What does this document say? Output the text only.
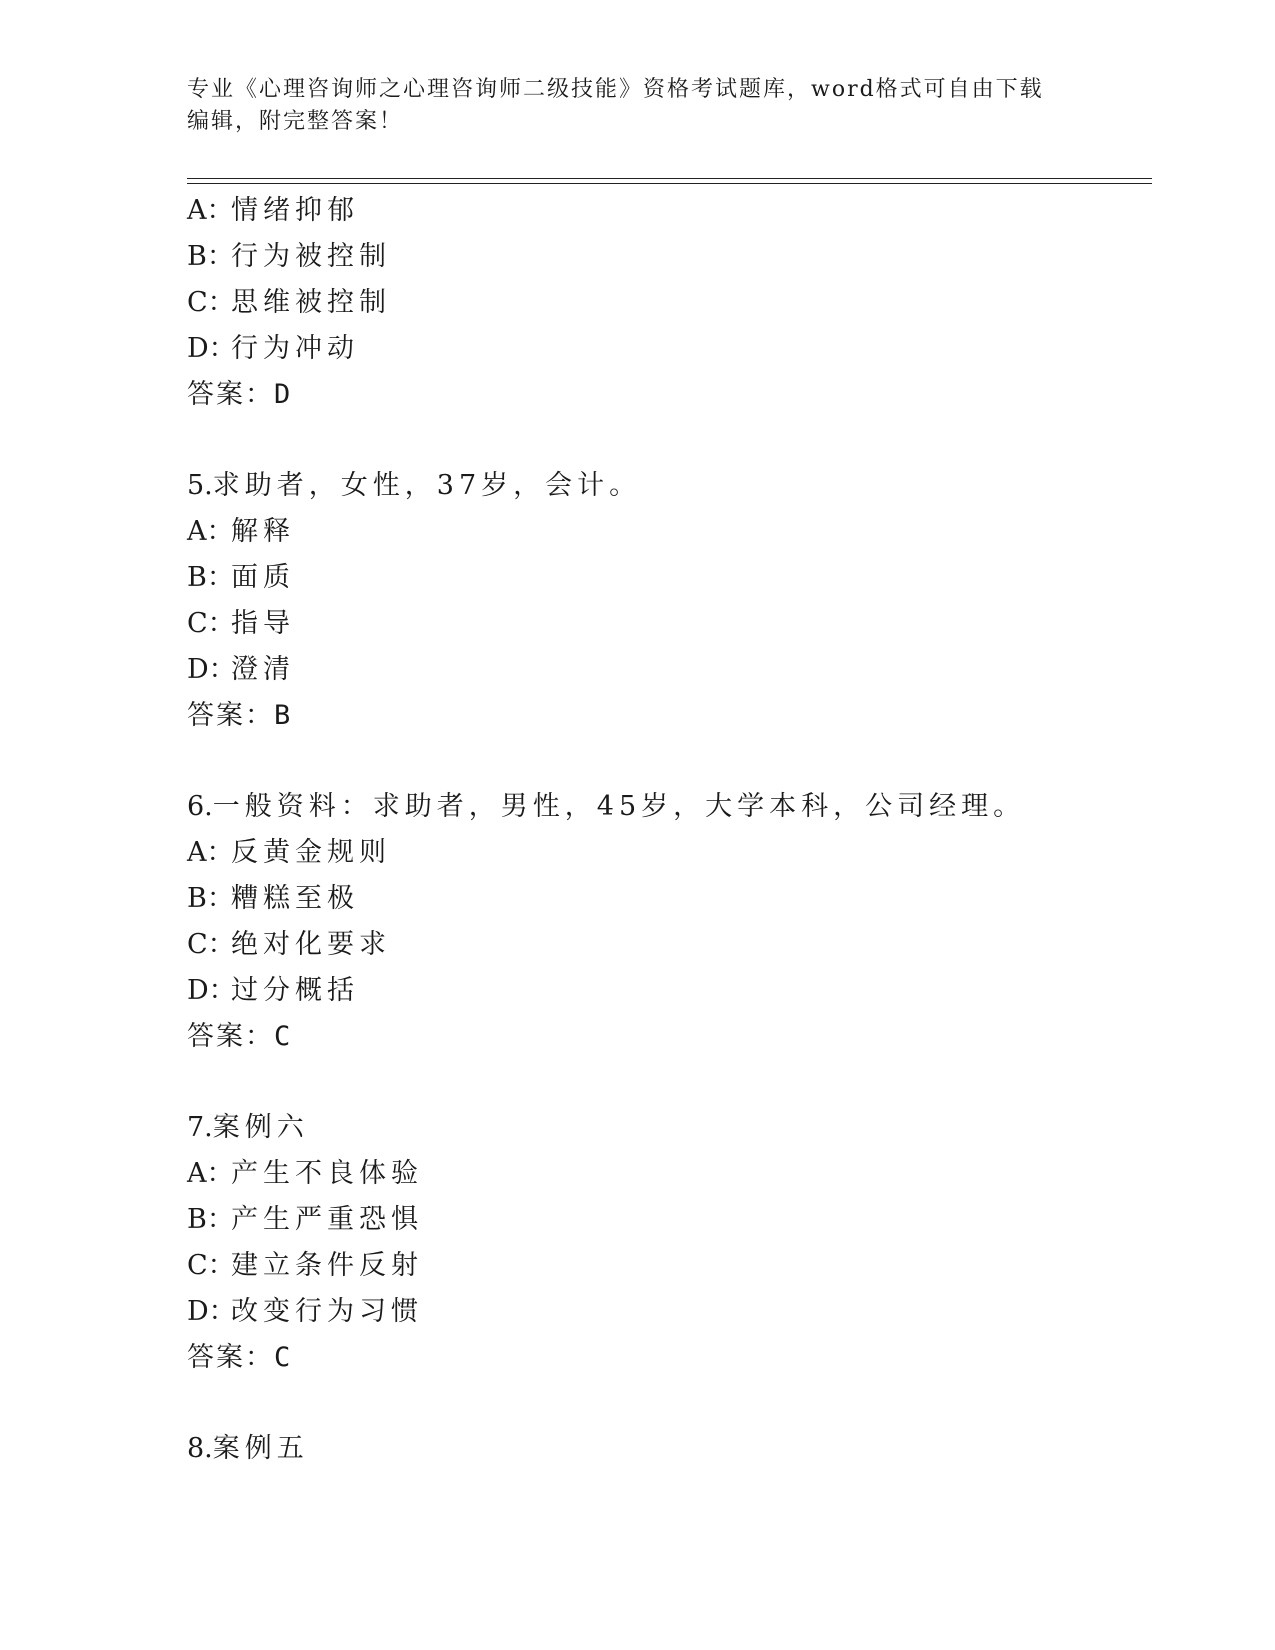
专业《心理咨询师之心理咨询师二级技能》资格考试题库，word格式可自由下载
编辑，附完整答案！
A：情绪抑郁
B：行为被控制
C：思维被控制
D：行为冲动
答案：D
5.求助者，女性，37岁，会计。
A：解释
B：面质
C：指导
D：澄清
答案：B
6.一般资料：求助者，男性，45岁，大学本科，公司经理。
A：反黄金规则
B：糟糕至极
C：绝对化要求
D：过分概括
答案：C
7.案例六
A：产生不良体验
B：产生严重恐惧
C：建立条件反射
D：改变行为习惯
答案：C
8.案例五
